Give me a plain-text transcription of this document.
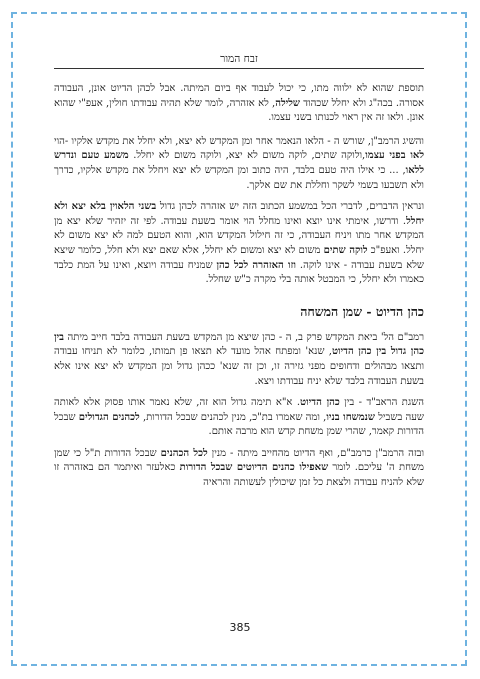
זבח המור

תוספת שהוא לא ילווה מתו, כי יכול לעבוד אף ביום המיתה. אבל לכהן הדיוט אונן, העבודה אסורה. בכה"ג ולא יחלל שכהוד שלילה, לא אזהרה, לומר שלא תהיה עבודתו חולין, אעפ"י שהוא אונן. ולאו זה אין ראוי לכנותו בשני עצמו.

והשיג הרמב"ן, שורש ה - הלאו הנאמר אחר ומן המקדש לא יצא, ולא יחלל את מקדש אלקיו -הוי לאו בפני עצמו,ולוקה שתים, לוקה משום לא יצא, ולוקה משום לא יחלל. משמע טעם ונדרש ללאו, ... כי אילו היה טעם בלבד, היה כתוב ומן המקדש לא יצא ויחלל את מקדש אלקיו, כדרך ולא תשבעו בשמי לשקר וחללת את שם אלקך.

ונראין הדברים, לדברי הכל במשמע הכתוב הזה יש אזהרה לכהן גדול בשני הלאוין בלא יצא ולא יחלל. ודרשו, אימתי אינו יוצא ואינו מחלל הוי אומר בשעת עבודה. לפי זה יזהיר שלא יצא מן המקדש אחר מתו ויניח העבודה, כי זה חילול המקדש הוא, והוא הטעם למה לא יצא משום לא יחלל. ואעפ"כ לוקה שתים משום לא יצא ומשום לא יחלל, אלא שאם יצא ולא חלל, כלומר שיצא שלא בשעת עבודה - אינו לוקה. וזו האזהרה לכל כהן שמניח עבודה ויוצא, ואינו על המת כלבד כאמרו ולא יחלל, כי המבטל אותה בלי מקרה כ"ש שחלל.

כהן הדיוט - שמן המשחה

רמב"ם הל' ביאת המקדש פרק ב, ה - כהן שיצא מן המקדש בשעת העבודה בלבד חייב מיתה בין כהן גדול בין כהן הדיוט, שנא' ומפתח אהל מועד לא תצאו פן תמותו, כלומר לא תניחו עבודה ותצאו מבהולים ודחופים מפני גזירה זו, וכן זה שנא' ככהן גדול ומן המקדש לא יצא אינו אלא בשעת העבודה בלבד שלא יניח עבודתו ויצא.

השגת הראב"ד - בין כהן הדיוט. א"א תימה גדול הוא זה, שלא נאמר אותו פסוק אלא לאותה שעה בשביל שנמשחו בניו, ומה שאמרו בת"כ, מנין לכהנים שבכל הדורות, לכהנים הגדולים שבכל הדורות קאמר, שהרי שמן משחת קדש הוא מרבה אותם.

ובזה הרמב"ן כרמב"ם, ואף הדיוט מהחייב מיתה - מנין לכל הכהנים שבכל הדורות ת"ל כי שמן משחת ה' עליכם. לומר שאפילו כהנים הדיוטים שבכל הדורות כאלעזר ואיתמר הם באזהרה זו שלא להניח עבודה ולצאת כל זמן שיכולין לעשותה והראיה

385
